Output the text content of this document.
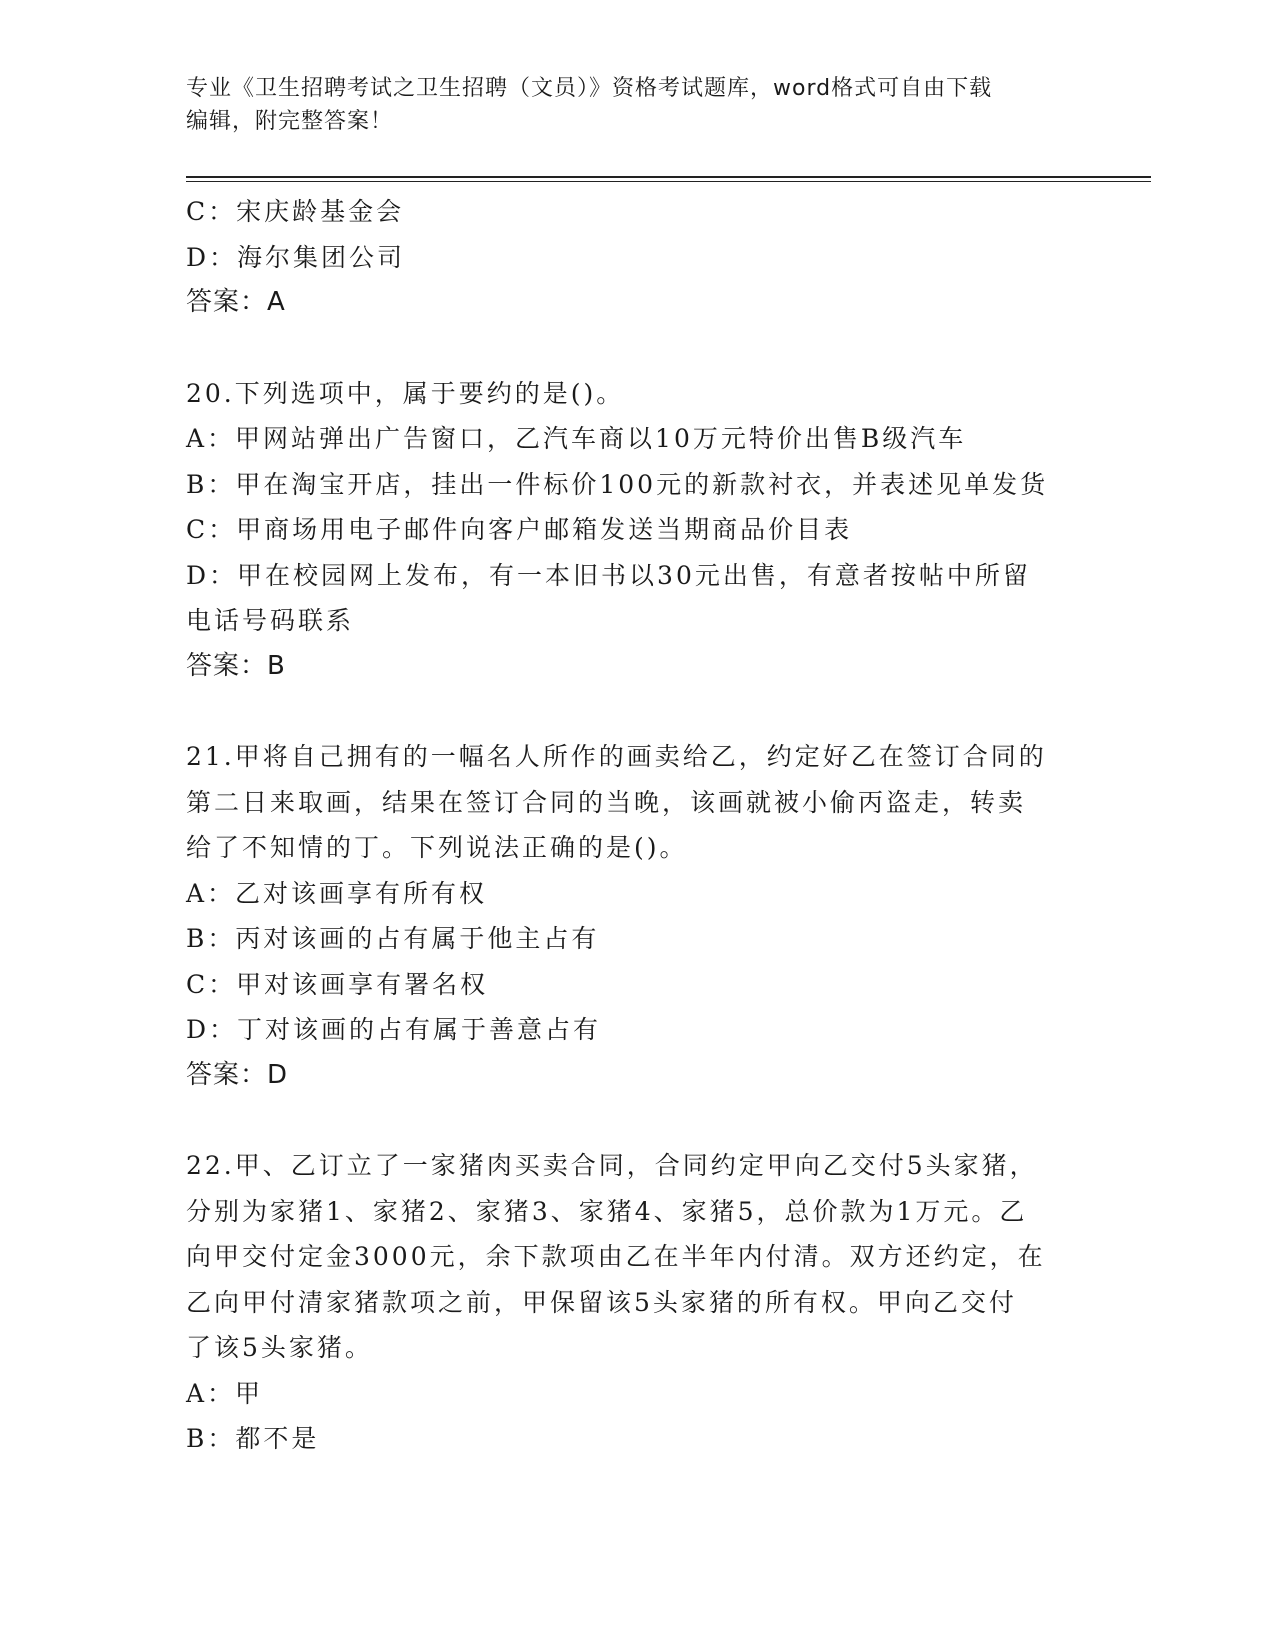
专业《卫生招聘考试之卫生招聘（文员）》资格考试题库，word格式可自由下载
编辑，附完整答案！
C：宋庆龄基金会
D：海尔集团公司
答案：A
20.下列选项中，属于要约的是()。
A：甲网站弹出广告窗口，乙汽车商以10万元特价出售B级汽车
B：甲在淘宝开店，挂出一件标价100元的新款衬衣，并表述见单发货
C：甲商场用电子邮件向客户邮箱发送当期商品价目表
D：甲在校园网上发布，有一本旧书以30元出售，有意者按帖中所留
电话号码联系
答案：B
21.甲将自己拥有的一幅名人所作的画卖给乙，约定好乙在签订合同的
第二日来取画，结果在签订合同的当晚，该画就被小偷丙盗走，转卖
给了不知情的丁。下列说法正确的是()。
A：乙对该画享有所有权
B：丙对该画的占有属于他主占有
C：甲对该画享有署名权
D：丁对该画的占有属于善意占有
答案：D
22.甲、乙订立了一家猪肉买卖合同，合同约定甲向乙交付5头家猪，
分别为家猪1、家猪2、家猪3、家猪4、家猪5，总价款为1万元。乙
向甲交付定金3000元，余下款项由乙在半年内付清。双方还约定，在
乙向甲付清家猪款项之前，甲保留该5头家猪的所有权。甲向乙交付
了该5头家猪。
A：甲
B：都不是
